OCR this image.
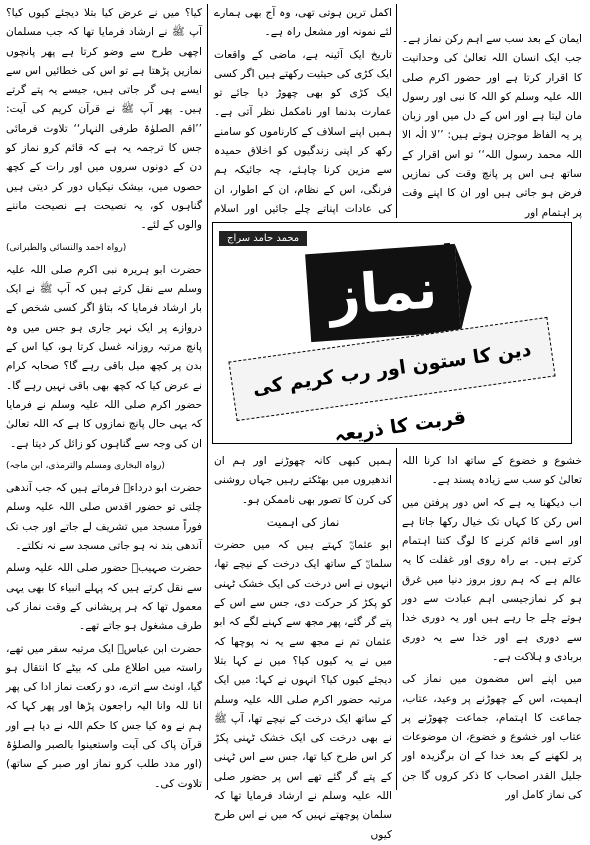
ایمان کے بعد سب سے اہم رکن نماز ہے۔ جب ایک انسان اللہ تعالیٰ کی وحدانیت کا اقرار کرتا ہے اور حضور اکرم صلی اللہ علیہ وسلم کو اللہ کا نبی اور رسول مان لیتا ہے اور اس کے دل میں اور زبان پر یہ الفاظ موجزن ہوتے ہیں: ’’لا الٰہ الا اللہ محمد رسول اللہ‘‘ تو اس اقرار کے ساتھ ہی اس پر پانچ وقت کی نمازیں فرض ہو جاتی ہیں اور ان کا اپنے وقت پر اہتمام اور

اکمل ترین ہوتی تھی، وہ آج بھی ہمارے لئے نمونہ اور مشعل راہ ہے۔

تاریخ ایک آئینہ ہے، ماضی کے واقعات ایک کڑی کی حیثیت رکھتے ہیں اگر کسی ایک کڑی کو بھی چھوڑ دیا جائے تو عمارت بدنما اور نامکمل نظر آتی ہے۔ ہمیں اپنے اسلاف کے کارناموں کو سامنے رکھ کر اپنی زندگیوں کو اخلاق حمیدہ سے مزین کرنا چاہئے، چہ جائیکہ ہم فرنگی، اس کے نظام، ان کے اطوار، ان کی عادات اپناتے چلے جائیں اور اسلام

محمد حامد سراج
نماز
دین کا ستون اور رب کریم کی قربت کا ذریعہ

کیا؟ میں نے عرض کیا بتلا دیجئے کیوں کیا؟ آپ ﷺ نے ارشاد فرمایا تھا کہ جب مسلمان اچھی طرح سے وضو کرتا ہے پھر پانچوں نمازیں پڑھتا ہے تو اس کی خطائیں اس سے ایسے ہی گر جاتی ہیں، جیسے یہ پتے گرتے ہیں۔ پھر آپ ﷺ نے قرآن کریم کی آیت: ’’اقم الصلوٰۃ طرفی النہار‘‘ تلاوت فرمائی جس کا ترجمہ یہ ہے کہ قائم کرو نماز کو دن کے دونوں سروں میں اور رات کے کچھ حصوں میں، بیشک نیکیاں دور کر دیتی ہیں گناہوں کو، یہ نصیحت ہے نصیحت ماننے والوں کے لئے۔

(رواہ احمد والنسائی والطبرانی)

حضرت ابو ہریرہ نبی اکرم صلی اللہ علیہ وسلم سے نقل کرتے ہیں کہ آپ ﷺ نے ایک بار ارشاد فرمایا کہ بتاؤ اگر کسی شخص کے دروازے پر ایک نہر جاری ہو جس میں وہ پانچ مرتبہ روزانہ غسل کرتا ہو، کیا اس کے بدن پر کچھ میل باقی رہے گا؟ صحابہ کرام نے عرض کیا کہ کچھ بھی باقی نہیں رہے گا۔ حضور اکرم صلی اللہ علیہ وسلم نے فرمایا کہ یہی حال پانچ نمازوں کا ہے کہ اللہ تعالیٰ ان کی وجہ سے گناہوں کو زائل کر دیتا ہے۔

(رواہ البخاری ومسلم والترمذی، ابن ماجہ)

حضرت ابو درداءؓ فرماتے ہیں کہ جب آندھی چلتی تو حضور اقدس صلی اللہ علیہ وسلم فوراً مسجد میں تشریف لے جاتے اور جب تک آندھی بند نہ ہو جاتی مسجد سے نہ نکلتے۔

حضرت صہیبؓ حضور صلی اللہ علیہ وسلم سے نقل کرتے ہیں کہ پہلے انبیاء کا بھی یہی معمول تھا کہ ہر پریشانی کے وقت نماز کی طرف مشغول ہو جاتے تھے۔

حضرت ابن عباسؓ ایک مرتبہ سفر میں تھے، راستہ میں اطلاع ملی کہ بیٹے کا انتقال ہو گیا، اونٹ سے اترے، دو رکعت نماز ادا کی پھر انا للہ وانا الیہ راجعون پڑھا اور پھر کہا کہ ہم نے وہ کیا جس کا حکم اللہ نے دیا ہے اور قرآن پاک کی آیت واستعینوا بالصبر والصلوٰۃ (اور مدد طلب کرو نماز اور صبر کے ساتھ) تلاوت کی۔

ہمیں کبھی کانہ چھوڑنے اور ہم ان اندھیروں میں بھٹکتے رہیں جہاں روشنی کی کرن کا تصور بھی ناممکن ہو۔

نماز کی اہمیت

ابو عثمانؓ کہتے ہیں کہ میں حضرت سلمانؓ کے ساتھ ایک درخت کے نیچے تھا، انہوں نے اس درخت کی ایک خشک ٹہنی کو پکڑ کر حرکت دی، جس سے اس کے پتے گر گئے، پھر مجھ سے کہنے لگے کہ ابو عثمان تم نے مجھ سے یہ نہ پوچھا کہ میں نے یہ کیوں کیا؟ میں نے کہا بتلا دیجئے کیوں کیا؟ انہوں نے کہا: میں ایک مرتبہ حضور اکرم صلی اللہ علیہ وسلم کے ساتھ ایک درخت کے نیچے تھا، آپ ﷺ نے بھی درخت کی ایک خشک ٹہنی پکڑ کر اس طرح کیا تھا، جس سے اس ٹہنی کے پتے گر گئے تھے اس پر حضور صلی اللہ علیہ وسلم نے ارشاد فرمایا تھا کہ سلمان پوچھتے نہیں کہ میں نے اس طرح کیوں

خشوع و خضوع کے ساتھ ادا کرنا اللہ تعالیٰ کو سب سے زیادہ پسند ہے۔

اب دیکھنا یہ ہے کہ اس دور پرفتن میں اس رکن کا کہاں تک خیال رکھا جاتا ہے اور اسے قائم کرنے کا لوگ کتنا اہتمام کرتے ہیں۔ بے راہ روی اور غفلت کا یہ عالم ہے کہ ہم روز بروز دنیا میں غرق ہو کر نمازجیسی اہم عبادت سے دور ہوتے چلے جا رہے ہیں اور یہ دوری خدا سے دوری ہے اور خدا سے یہ دوری بربادی و ہلاکت ہے۔

میں اپنے اس مضمون میں نماز کی اہمیت، اس کے چھوڑنے پر وعید، عتاب، جماعت کا اہتمام، جماعت چھوڑنے پر عتاب اور خشوع و خضوع، ان موضوعات پر لکھنے کے بعد خدا کے ان برگزیدہ اور جلیل القدر اصحاب کا ذکر کروں گا جن کی نماز کامل اور
